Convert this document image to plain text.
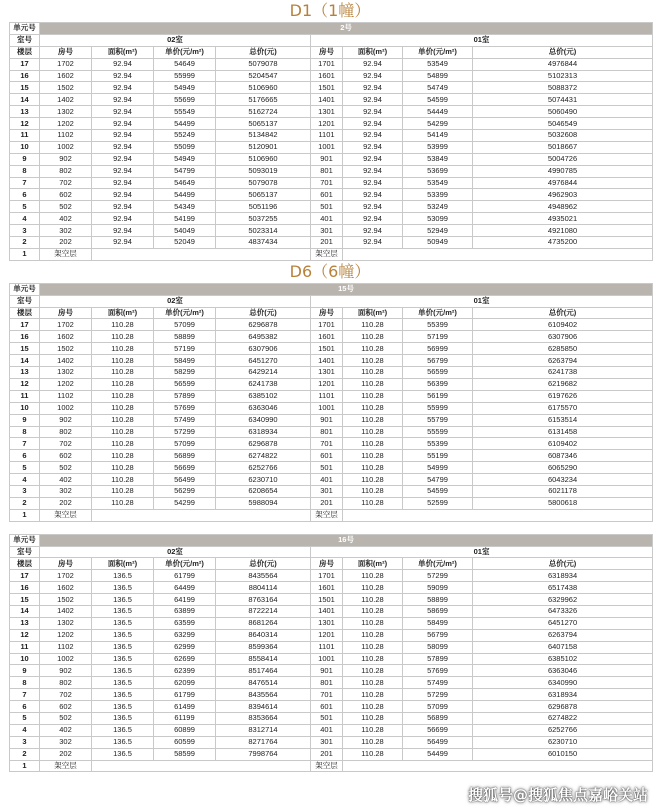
D1（1幢）
单元号	2号							
室号	02室				01室			
楼层	房号	面积(m²)	单价(元/m²)	总价(元)	房号	面积(m²)	单价(元/m²)	总价(元)
17	1702	92.94	54649	5079078	1701	92.94	53549	4976844
16	1602	92.94	55999	5204547	1601	92.94	54899	5102313
15	1502	92.94	54949	5106960	1501	92.94	54749	5088372
14	1402	92.94	55699	5176665	1401	92.94	54599	5074431
13	1302	92.94	55549	5162724	1301	92.94	54449	5060490
12	1202	92.94	54499	5065137	1201	92.94	54299	5046549
11	1102	92.94	55249	5134842	1101	92.94	54149	5032608
10	1002	92.94	55099	5120901	1001	92.94	53999	5018667
9	902	92.94	54949	5106960	901	92.94	53849	5004726
8	802	92.94	54799	5093019	801	92.94	53699	4990785
7	702	92.94	54649	5079078	701	92.94	53549	4976844
6	602	92.94	54499	5065137	601	92.94	53399	4962903
5	502	92.94	54349	5051196	501	92.94	53249	4948962
4	402	92.94	54199	5037255	401	92.94	53099	4935021
3	302	92.94	54049	5023314	301	92.94	52949	4921080
2	202	92.94	52049	4837434	201	92.94	50949	4735200
1	架空层				架空层			
D6（6幢）
单元号	15号							
室号	02室				01室			
楼层	房号	面积(m²)	单价(元/m²)	总价(元)	房号	面积(m²)	单价(元/m²)	总价(元)
17	1702	110.28	57099	6296878	1701	110.28	55399	6109402
16	1602	110.28	58899	6495382	1601	110.28	57199	6307906
15	1502	110.28	57199	6307906	1501	110.28	56999	6285850
14	1402	110.28	58499	6451270	1401	110.28	56799	6263794
13	1302	110.28	58299	6429214	1301	110.28	56599	6241738
12	1202	110.28	56599	6241738	1201	110.28	56399	6219682
11	1102	110.28	57899	6385102	1101	110.28	56199	6197626
10	1002	110.28	57699	6363046	1001	110.28	55999	6175570
9	902	110.28	57499	6340990	901	110.28	55799	6153514
8	802	110.28	57299	6318934	801	110.28	55599	6131458
7	702	110.28	57099	6296878	701	110.28	55399	6109402
6	602	110.28	56899	6274822	601	110.28	55199	6087346
5	502	110.28	56699	6252766	501	110.28	54999	6065290
4	402	110.28	56499	6230710	401	110.28	54799	6043234
3	302	110.28	56299	6208654	301	110.28	54599	6021178
2	202	110.28	54299	5988094	201	110.28	52599	5800618
1	架空层				架空层			
单元号	16号							
室号	02室				01室			
楼层	房号	面积(m²)	单价(元/m²)	总价(元)	房号	面积(m²)	单价(元/m²)	总价(元)
17	1702	136.5	61799	8435564	1701	110.28	57299	6318934
16	1602	136.5	64499	8804114	1601	110.28	59099	6517438
15	1502	136.5	64199	8763164	1501	110.28	58899	6329962
14	1402	136.5	63899	8722214	1401	110.28	58699	6473326
13	1302	136.5	63599	8681264	1301	110.28	58499	6451270
12	1202	136.5	63299	8640314	1201	110.28	56799	6263794
11	1102	136.5	62999	8599364	1101	110.28	58099	6407158
10	1002	136.5	62699	8558414	1001	110.28	57899	6385102
9	902	136.5	62399	8517464	901	110.28	57699	6363046
8	802	136.5	62099	8476514	801	110.28	57499	6340990
7	702	136.5	61799	8435564	701	110.28	57299	6318934
6	602	136.5	61499	8394614	601	110.28	57099	6296878
5	502	136.5	61199	8353664	501	110.28	56899	6274822
4	402	136.5	60899	8312714	401	110.28	56699	6252766
3	302	136.5	60599	8271764	301	110.28	56499	6230710
2	202	136.5	58599	7998764	201	110.28	54499	6010150
1	架空层				架空层			
搜狐号@搜狐焦点嘉峪关站
